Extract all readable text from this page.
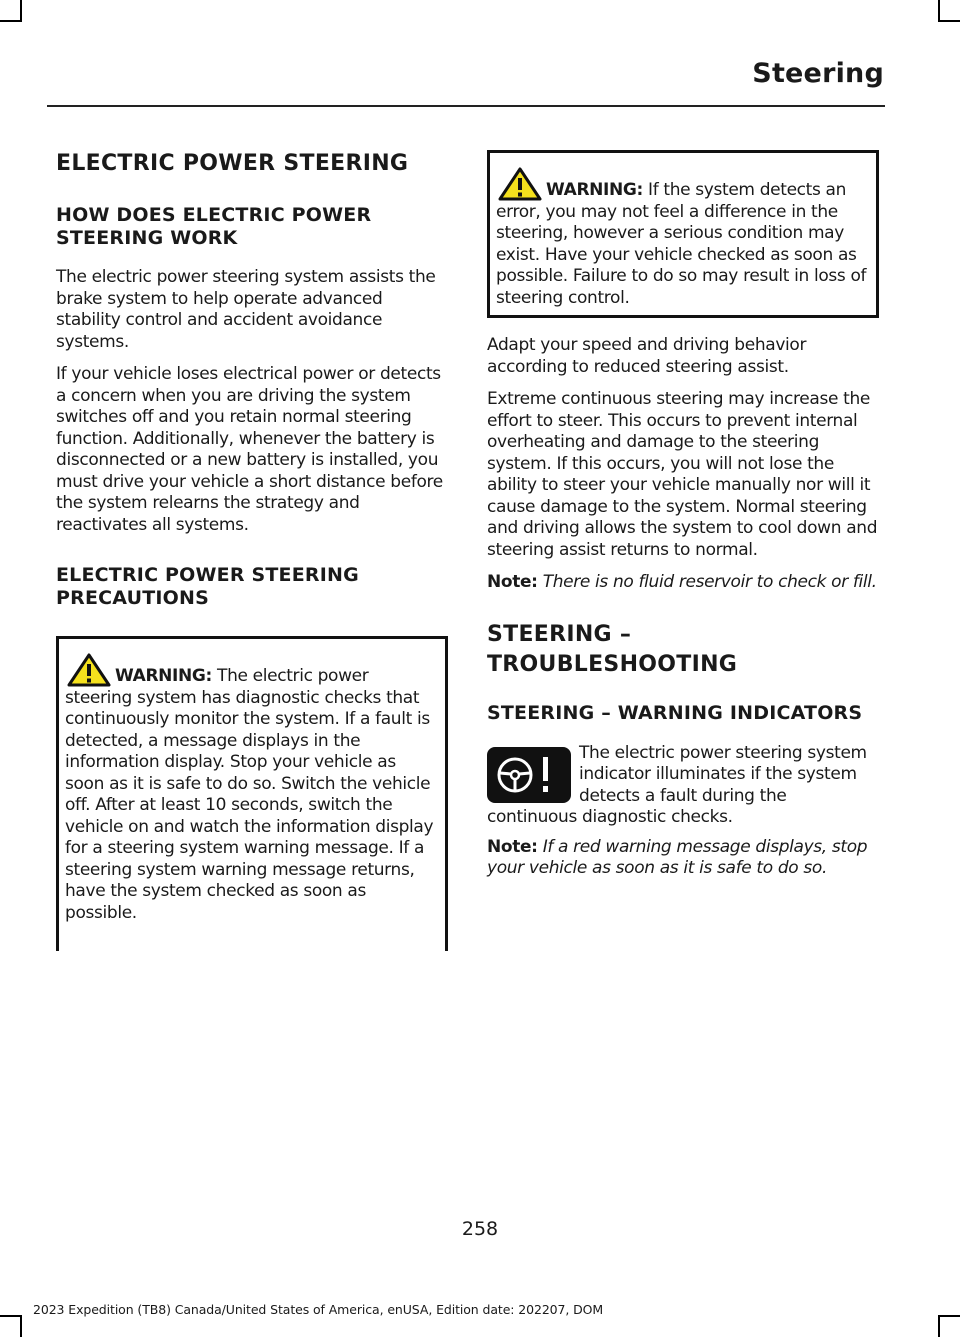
Steering
ELECTRIC POWER STEERING
HOW DOES ELECTRIC POWER STEERING WORK

The electric power steering system assists the brake system to help operate advanced stability control and accident avoidance systems.

If your vehicle loses electrical power or detects a concern when you are driving the system switches off and you retain normal steering function. Additionally, whenever the battery is disconnected or a new battery is installed, you must drive your vehicle a short distance before the system relearns the strategy and reactivates all systems.

ELECTRIC POWER STEERING PRECAUTIONS

WARNING: The electric power steering system has diagnostic checks that continuously monitor the system. If a fault is detected, a message displays in the information display. Stop your vehicle as soon as it is safe to do so. Switch the vehicle off. After at least 10 seconds, switch the vehicle on and watch the information display for a steering system warning message. If a steering system warning message returns, have the system checked as soon as possible.

WARNING: If the system detects an error, you may not feel a difference in the steering, however a serious condition may exist. Have your vehicle checked as soon as possible. Failure to do so may result in loss of steering control.

Adapt your speed and driving behavior according to reduced steering assist.

Extreme continuous steering may increase the effort to steer. This occurs to prevent internal overheating and damage to the steering system. If this occurs, you will not lose the ability to steer your vehicle manually nor will it cause damage to the system. Normal steering and driving allows the system to cool down and steering assist returns to normal.

Note: There is no fluid reservoir to check or fill.

STEERING –
TROUBLESHOOTING
STEERING – WARNING INDICATORS

The electric power steering system indicator illuminates if the system detects a fault during the continuous diagnostic checks.

Note: If a red warning message displays, stop your vehicle as soon as it is safe to do so.

258
2023 Expedition (TB8) Canada/United States of America, enUSA, Edition date: 202207, DOM
